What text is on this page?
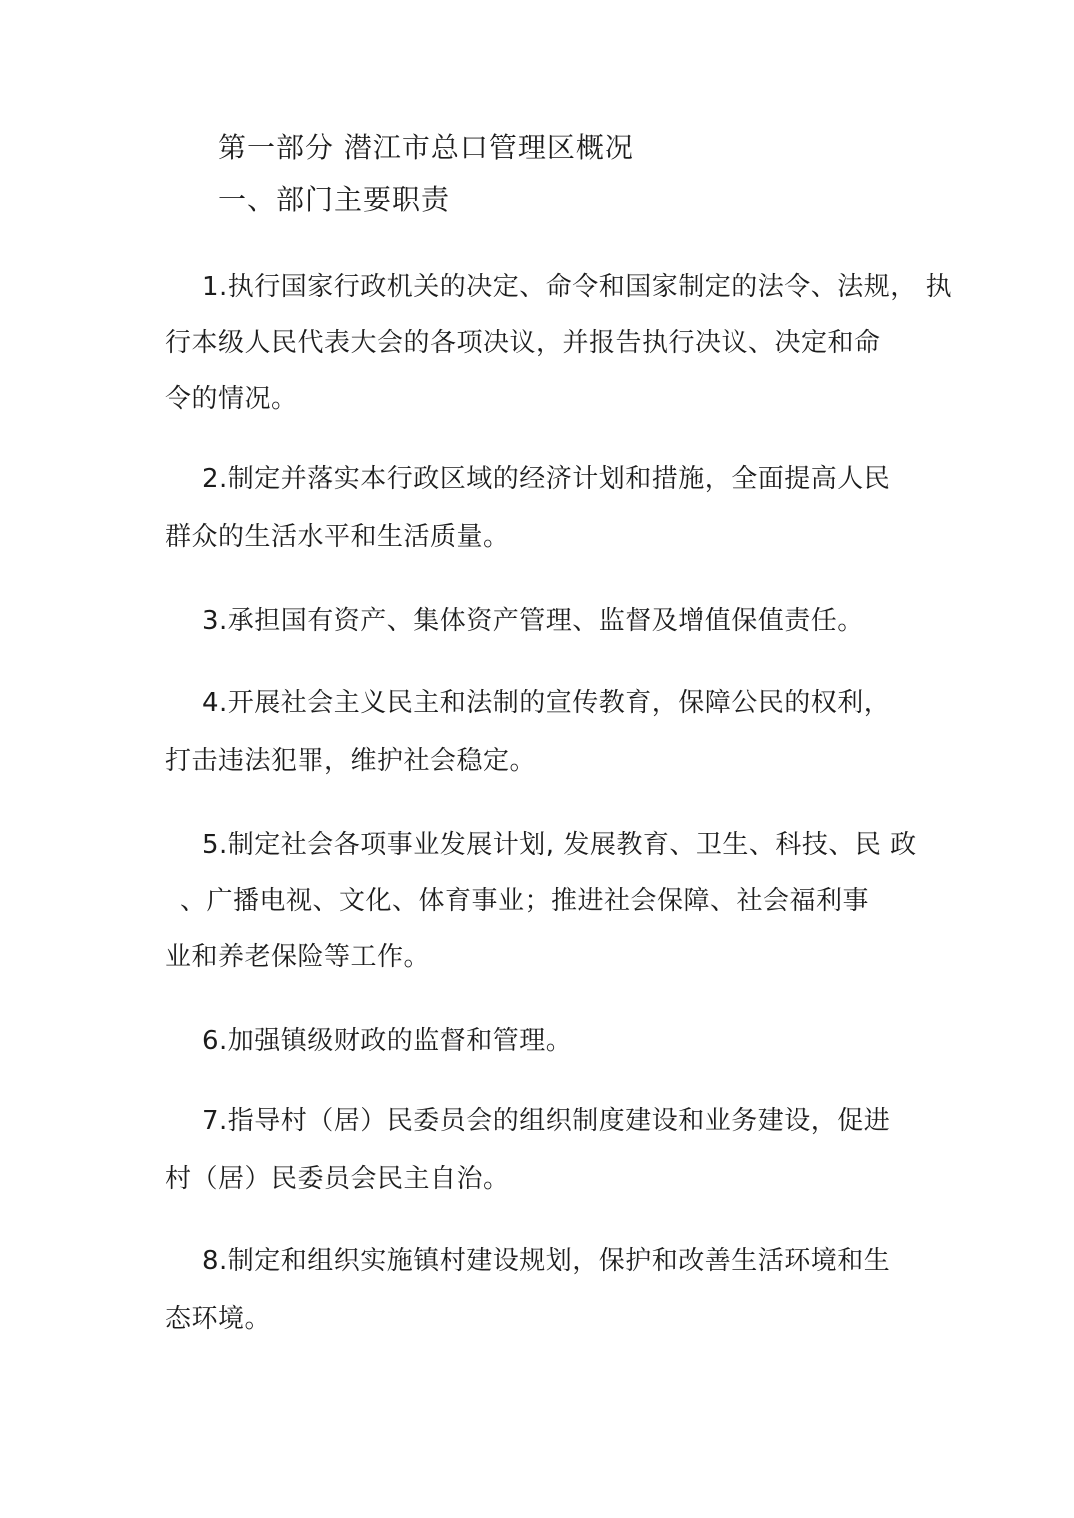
第一部分 潜江市总口管理区概况
一、部门主要职责
1.执行国家行政机关的决定、命令和国家制定的法令、法规， 执
行本级人民代表大会的各项决议，并报告执行决议、决定和命
令的情况。
2.制定并落实本行政区域的经济计划和措施，全面提高人民
群众的生活水平和生活质量。
3.承担国有资产、集体资产管理、监督及增值保值责任。
4.开展社会主义民主和法制的宣传教育，保障公民的权利，
打击违法犯罪，维护社会稳定。
5.制定社会各项事业发展计划, 发展教育、卫生、科技、民 政
、广播电视、文化、体育事业；推进社会保障、社会福利事
业和养老保险等工作。
6.加强镇级财政的监督和管理。
7.指导村（居）民委员会的组织制度建设和业务建设，促进
村（居）民委员会民主自治。
8.制定和组织实施镇村建设规划，保护和改善生活环境和生
态环境。
